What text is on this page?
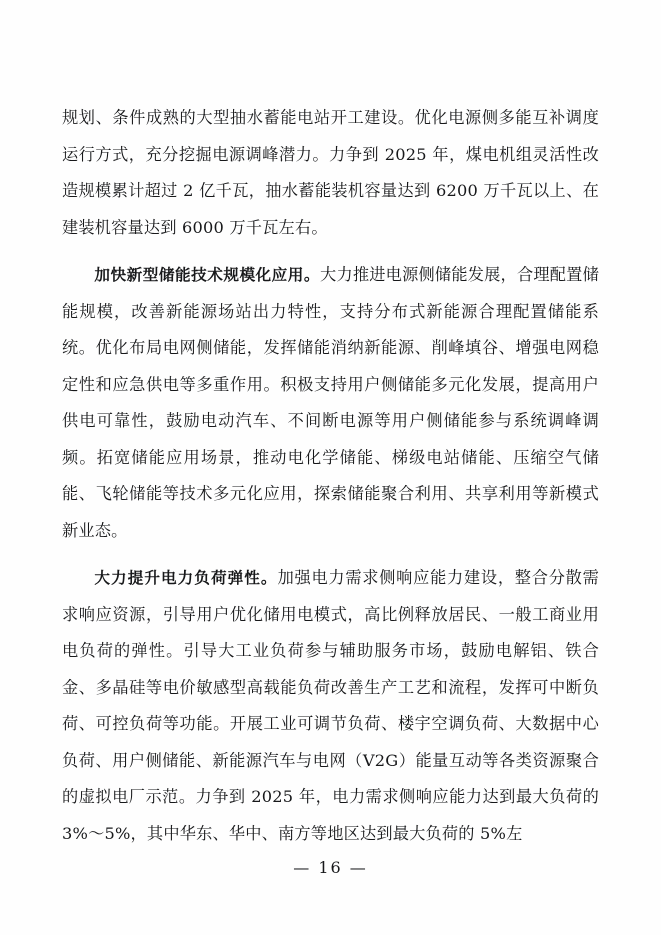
规划、条件成熟的大型抽水蓄能电站开工建设。优化电源侧多能互补调度运行方式，充分挖掘电源调峰潜力。力争到 2025 年，煤电机组灵活性改造规模累计超过 2 亿千瓦，抽水蓄能装机容量达到 6200 万千瓦以上、在建装机容量达到 6000 万千瓦左右。

加快新型储能技术规模化应用。大力推进电源侧储能发展，合理配置储能规模，改善新能源场站出力特性，支持分布式新能源合理配置储能系统。优化布局电网侧储能，发挥储能消纳新能源、削峰填谷、增强电网稳定性和应急供电等多重作用。积极支持用户侧储能多元化发展，提高用户供电可靠性，鼓励电动汽车、不间断电源等用户侧储能参与系统调峰调频。拓宽储能应用场景，推动电化学储能、梯级电站储能、压缩空气储能、飞轮储能等技术多元化应用，探索储能聚合利用、共享利用等新模式新业态。

大力提升电力负荷弹性。加强电力需求侧响应能力建设，整合分散需求响应资源，引导用户优化储用电模式，高比例释放居民、一般工商业用电负荷的弹性。引导大工业负荷参与辅助服务市场，鼓励电解铝、铁合金、多晶硅等电价敏感型高载能负荷改善生产工艺和流程，发挥可中断负荷、可控负荷等功能。开展工业可调节负荷、楼宇空调负荷、大数据中心负荷、用户侧储能、新能源汽车与电网（V2G）能量互动等各类资源聚合的虚拟电厂示范。力争到 2025 年，电力需求侧响应能力达到最大负荷的 3%～5%，其中华东、华中、南方等地区达到最大负荷的 5%左

— 16 —
